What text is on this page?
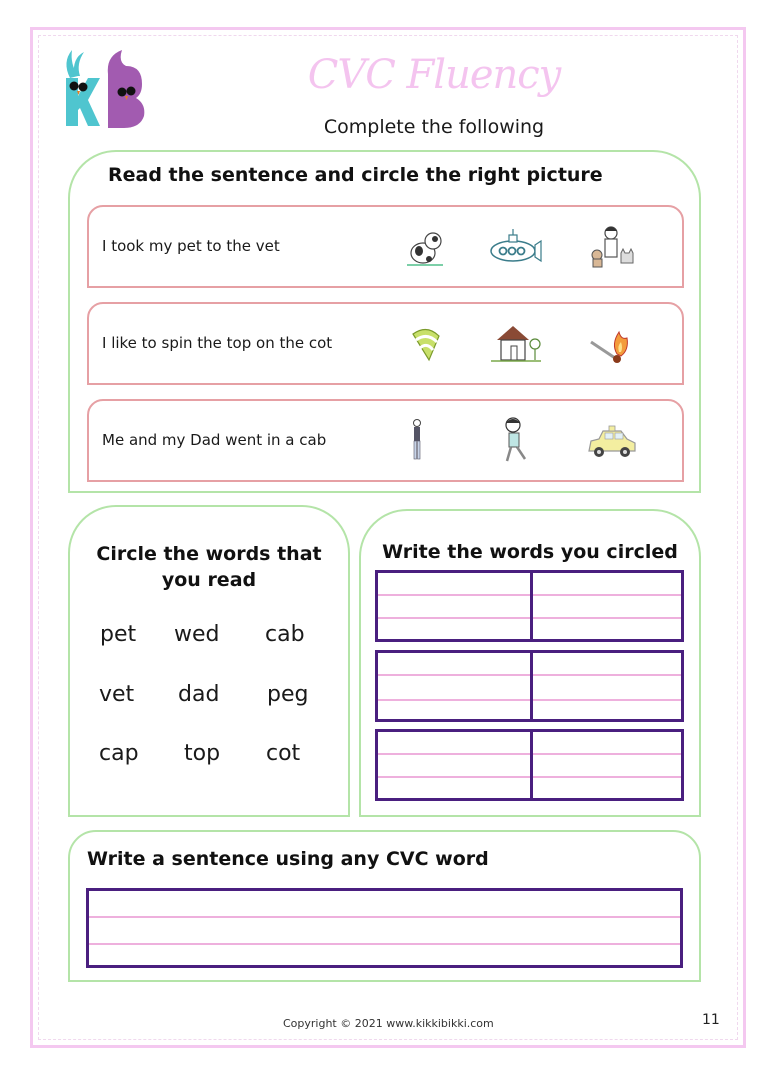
CVC Fluency
Complete the following
Read the sentence and circle the right picture
I took my pet to the vet
I like to spin the top on the cot
Me and my Dad went in a cab
Circle the words that
you read
pet wed cab
vet dad peg
cap top cot
Write the words you circled
Write a sentence using any CVC word
Copyright © 2021 www.kikkibikki.com	11
